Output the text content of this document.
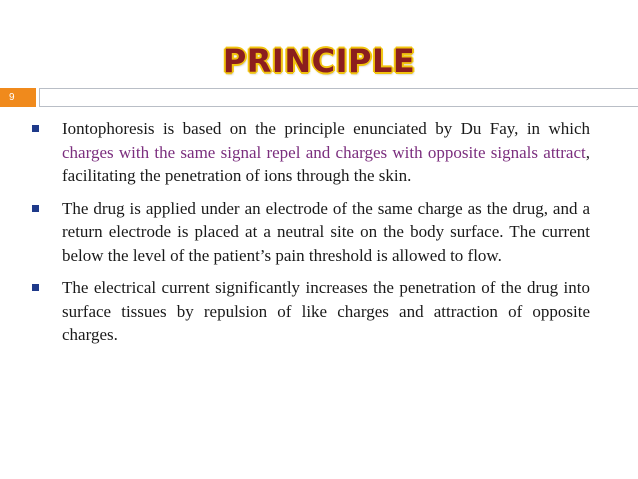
PRINCIPLE
9
Iontophoresis is based on the principle enunciated by Du Fay, in which charges with the same signal repel and charges with opposite signals attract, facilitating the penetration of ions through the skin.
The drug is applied under an electrode of the same charge as the drug, and a return electrode is placed at a neutral site on the body surface. The current below the level of the patient’s pain threshold is allowed to flow.
The electrical current significantly increases the penetration of the drug into surface tissues by repulsion of like charges and attraction of opposite charges.
